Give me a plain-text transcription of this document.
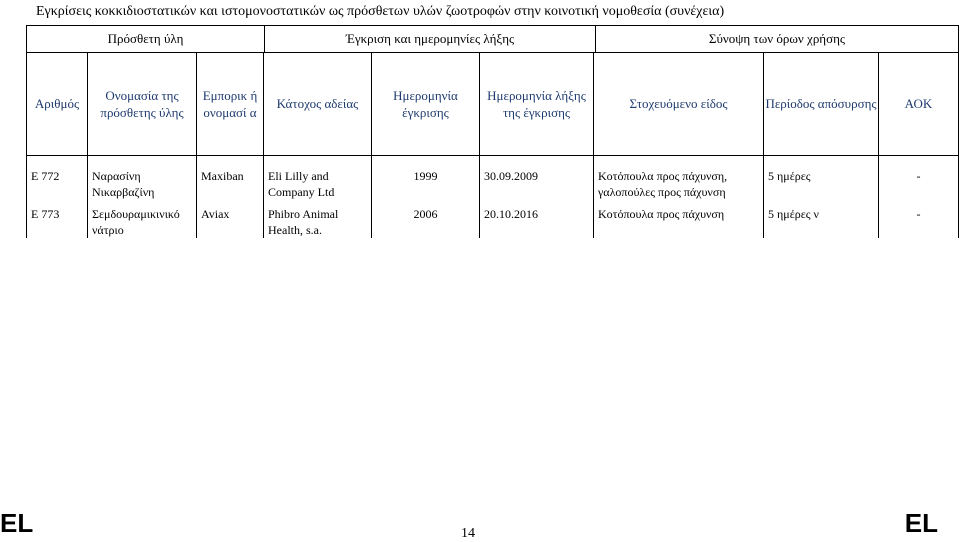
Εγκρίσεις κοκκιδιοστατικών και ιστομονοστατικών ως πρόσθετων υλών ζωοτροφών στην κοινοτική νομοθεσία (συνέχεια)
Πρόσθετη ύλη	Έγκριση και ημερομηνίες λήξης	Σύνοψη των όρων χρήσης
Αριθμός	Ονομασία της πρόσθετης ύλης	Εμπορικ ή ονομασί α	Κάτοχος αδείας	Ημερομηνία έγκρισης	Ημερομηνία λήξης της έγκρισης	Στοχευόμενο είδος	Περίοδος απόσυρσης	ΑΟΚ
E 772	Ναρασίνη Νικαρβαζίνη	Maxiban	Eli Lilly and Company Ltd	1999	30.09.2009	Κοτόπουλα προς πάχυνση, γαλοπούλες προς πάχυνση	5 ημέρες	-
E 773	Σεμδουραμικινικό νάτριο	Aviax	Phibro Animal Health, s.a.	2006	20.10.2016	Κοτόπουλα προς πάχυνση	5 ημέρες ν	-
EL	14	EL
